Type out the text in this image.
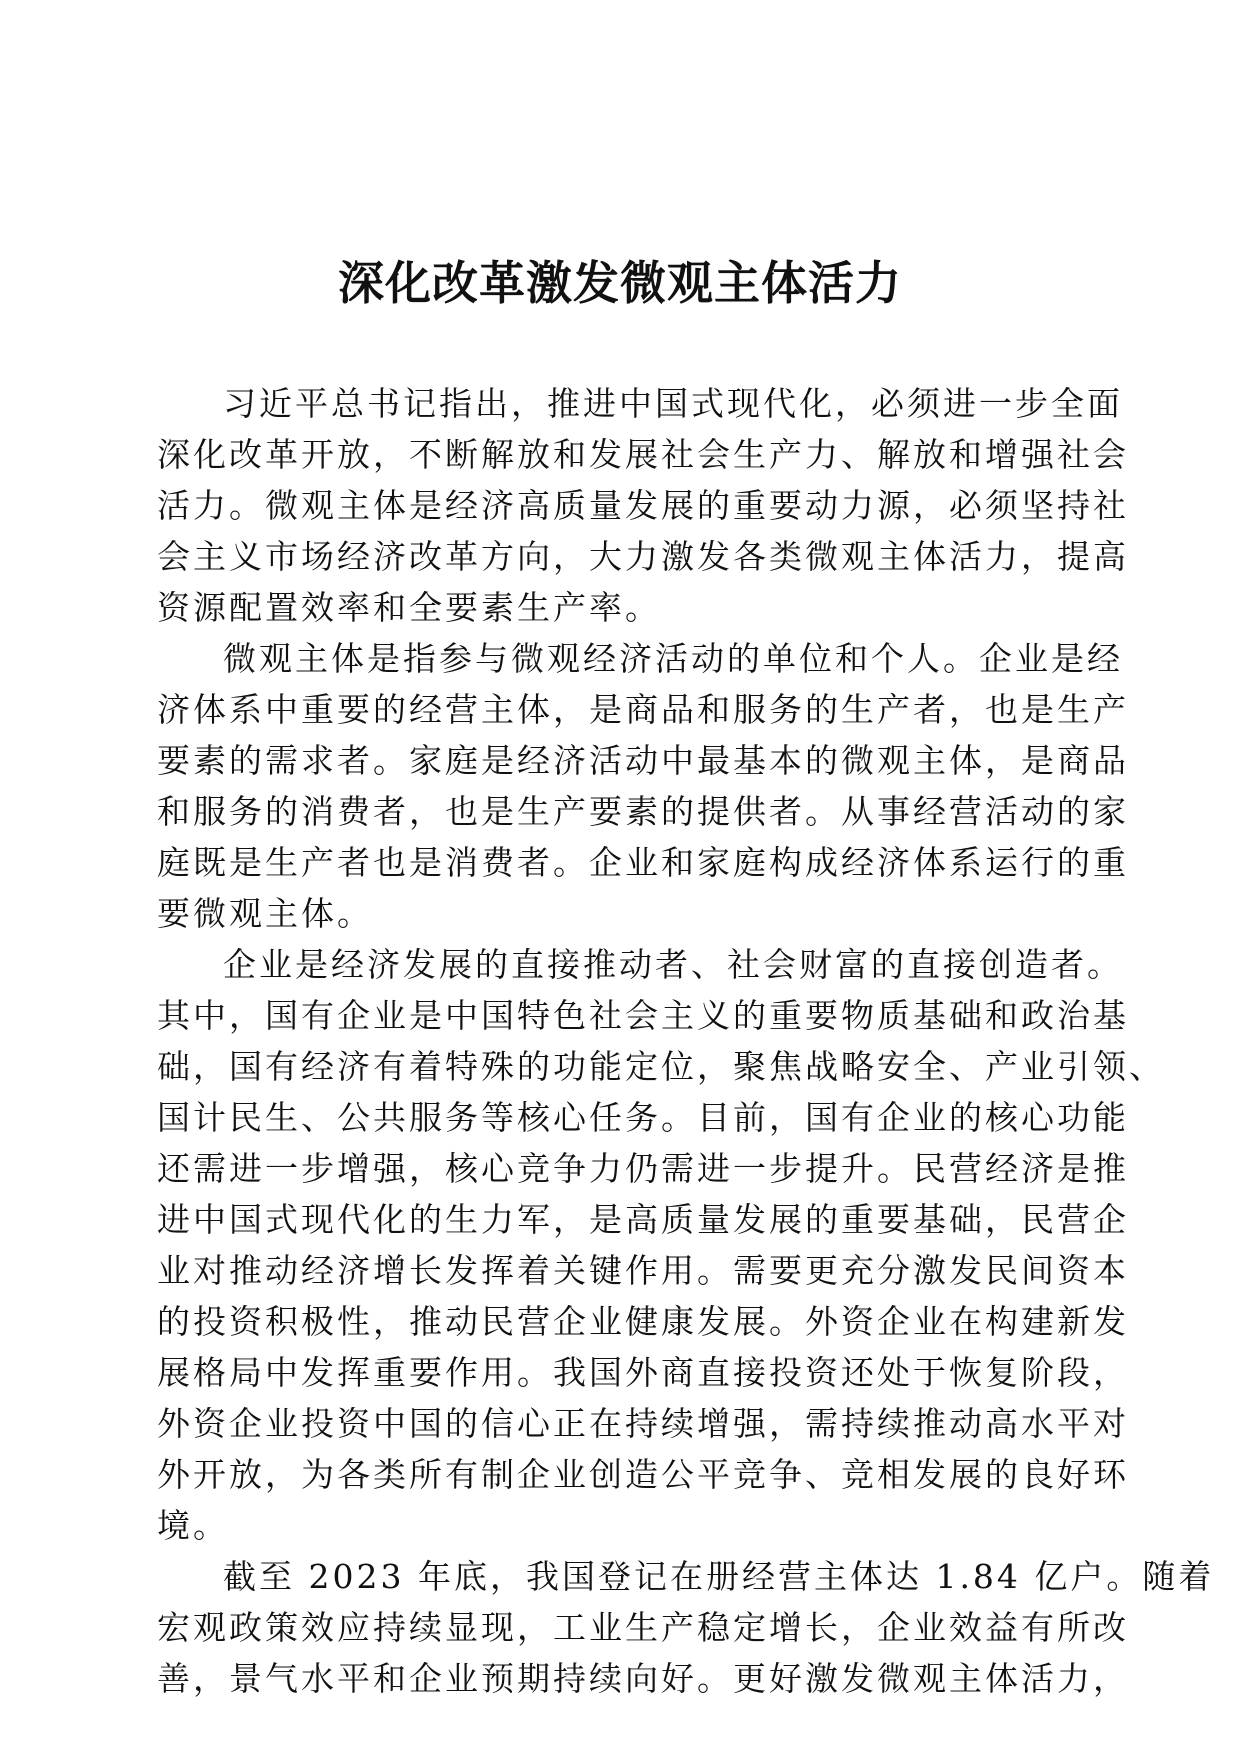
深化改革激发微观主体活力

习近平总书记指出，推进中国式现代化，必须进一步全面
深化改革开放，不断解放和发展社会生产力、解放和增强社会
活力。微观主体是经济高质量发展的重要动力源，必须坚持社
会主义市场经济改革方向，大力激发各类微观主体活力，提高
资源配置效率和全要素生产率。

微观主体是指参与微观经济活动的单位和个人。企业是经
济体系中重要的经营主体，是商品和服务的生产者，也是生产
要素的需求者。家庭是经济活动中最基本的微观主体，是商品
和服务的消费者，也是生产要素的提供者。从事经营活动的家
庭既是生产者也是消费者。企业和家庭构成经济体系运行的重
要微观主体。

企业是经济发展的直接推动者、社会财富的直接创造者。
其中，国有企业是中国特色社会主义的重要物质基础和政治基
础，国有经济有着特殊的功能定位，聚焦战略安全、产业引领、
国计民生、公共服务等核心任务。目前，国有企业的核心功能
还需进一步增强，核心竞争力仍需进一步提升。民营经济是推
进中国式现代化的生力军，是高质量发展的重要基础，民营企
业对推动经济增长发挥着关键作用。需要更充分激发民间资本
的投资积极性，推动民营企业健康发展。外资企业在构建新发
展格局中发挥重要作用。我国外商直接投资还处于恢复阶段，
外资企业投资中国的信心正在持续增强，需持续推动高水平对
外开放，为各类所有制企业创造公平竞争、竞相发展的良好环
境。

截至 2023 年底，我国登记在册经营主体达 1.84 亿户。随着
宏观政策效应持续显现，工业生产稳定增长，企业效益有所改
善，景气水平和企业预期持续向好。更好激发微观主体活力，
